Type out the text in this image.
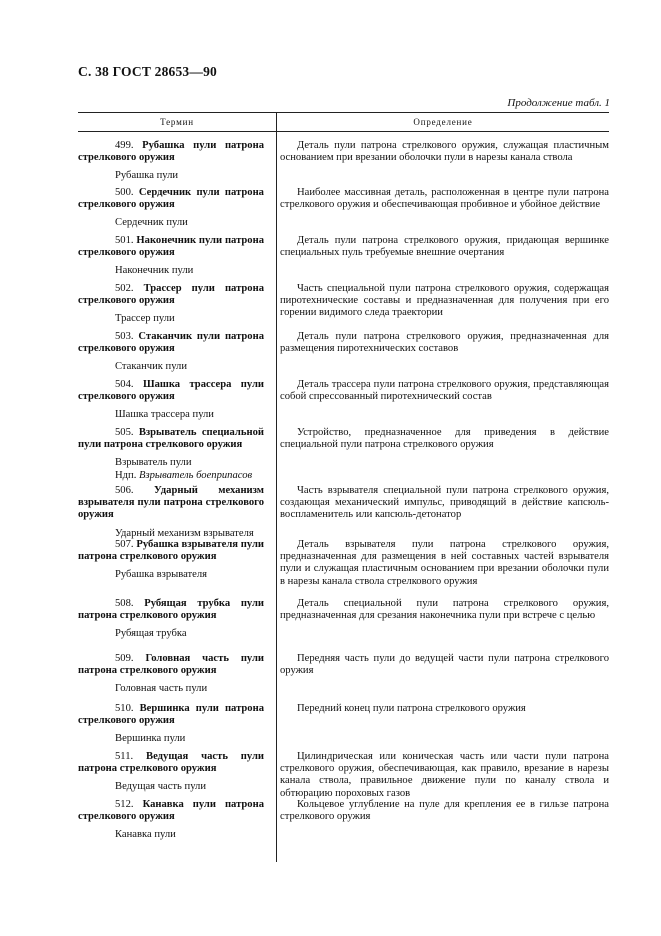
С. 38 ГОСТ 28653—90
Продолжение табл. 1
Термин	Определение
499. Рубашка пули патрона стрелкового оружия
Рубашка пули
Деталь пули патрона стрелкового оружия, служащая пластичным основанием при врезании оболочки пули в нарезы канала ствола
500. Сердечник пули патрона стрелкового оружия
Сердечник пули
Наиболее массивная деталь, расположенная в центре пули патрона стрелкового оружия и обеспечивающая пробивное и убойное действие
501. Наконечник пули патрона стрелкового оружия
Наконечник пули
Деталь пули патрона стрелкового оружия, придающая вершинке специальных пуль требуемые внешние очертания
502. Трассер пули патрона стрелкового оружия
Трассер пули
Часть специальной пули патрона стрелкового оружия, содержащая пиротехнические составы и предназначенная для получения при его горении видимого следа траектории
503. Стаканчик пули патрона стрелкового оружия
Стаканчик пули
Деталь пули патрона стрелкового оружия, предназначенная для размещения пиротехнических составов
504. Шашка трассера пули стрелкового оружия
Шашка трассера пули
Деталь трассера пули патрона стрелкового оружия, представляющая собой спрессованный пиротехнический состав
505. Взрыватель специальной пули патрона стрелкового оружия
Взрыватель пули
Ндп. Взрыватель боеприпасов
Устройство, предназначенное для приведения в действие специальной пули патрона стрелкового оружия
506. Ударный механизм взрывателя пули патрона стрелкового оружия
Ударный механизм взрывателя
Часть взрывателя специальной пули патрона стрелкового оружия, создающая механический импульс, приводящий в действие капсюль-воспламенитель или капсюль-детонатор
507. Рубашка взрывателя пули патрона стрелкового оружия
Рубашка взрывателя
Деталь взрывателя пули патрона стрелкового оружия, предназначенная для размещения в ней составных частей взрывателя пули и служащая пластичным основанием при врезании оболочки пули в нарезы канала ствола стрелкового оружия
508. Рубящая трубка пули патрона стрелкового оружия
Рубящая трубка
Деталь специальной пули патрона стрелкового оружия, предназначенная для срезания наконечника пули при встрече с целью
509. Головная часть пули патрона стрелкового оружия
Головная часть пули
Передняя часть пули до ведущей части пули патрона стрелкового оружия
510. Вершинка пули патрона стрелкового оружия
Вершинка пули
Передний конец пули патрона стрелкового оружия
511. Ведущая часть пули патрона стрелкового оружия
Ведущая часть пули
Цилиндрическая или коническая часть или части пули патрона стрелкового оружия, обеспечивающая, как правило, врезание в нарезы канала ствола, правильное движение пули по каналу ствола и обтюрацию пороховых газов
512. Канавка пули патрона стрелкового оружия
Канавка пули
Кольцевое углубление на пуле для крепления ее в гильзе патрона стрелкового оружия
